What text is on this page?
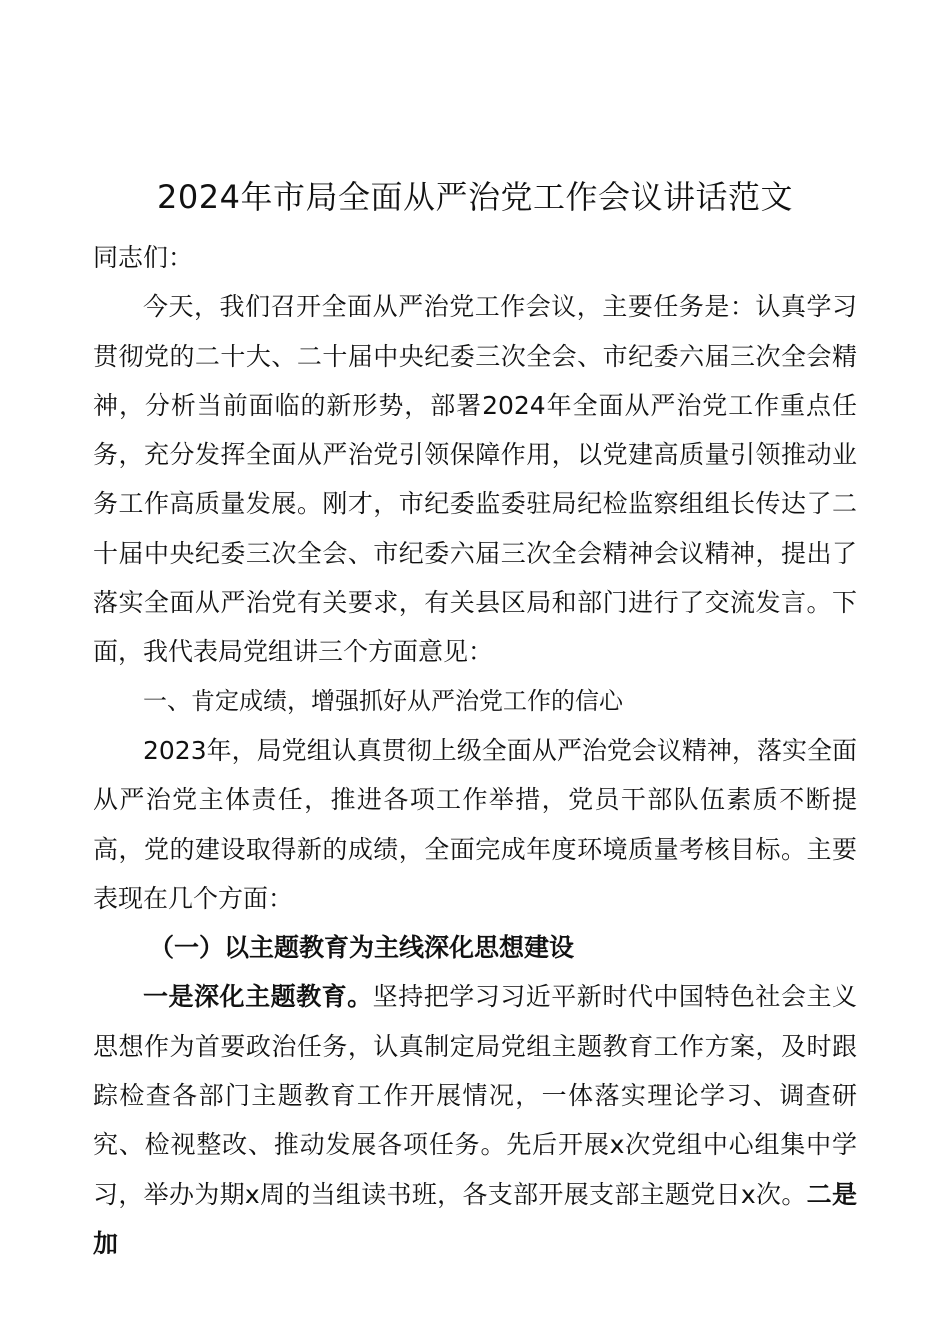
2024年市局全面从严治党工作会议讲话范文

同志们：

今天，我们召开全面从严治党工作会议，主要任务是：认真学习贯彻党的二十大、二十届中央纪委三次全会、市纪委六届三次全会精神，分析当前面临的新形势，部署2024年全面从严治党工作重点任务，充分发挥全面从严治党引领保障作用，以党建高质量引领推动业务工作高质量发展。刚才，市纪委监委驻局纪检监察组组长传达了二十届中央纪委三次全会、市纪委六届三次全会精神会议精神，提出了落实全面从严治党有关要求，有关县区局和部门进行了交流发言。下面，我代表局党组讲三个方面意见：

一、肯定成绩，增强抓好从严治党工作的信心

2023年，局党组认真贯彻上级全面从严治党会议精神，落实全面从严治党主体责任，推进各项工作举措，党员干部队伍素质不断提高，党的建设取得新的成绩，全面完成年度环境质量考核目标。主要表现在几个方面：

（一）以主题教育为主线深化思想建设

一是深化主题教育。坚持把学习习近平新时代中国特色社会主义思想作为首要政治任务，认真制定局党组主题教育工作方案，及时跟踪检查各部门主题教育工作开展情况，一体落实理论学习、调查研究、检视整改、推动发展各项任务。先后开展x次党组中心组集中学习，举办为期x周的当组读书班，各支部开展支部主题党日x次。二是加
